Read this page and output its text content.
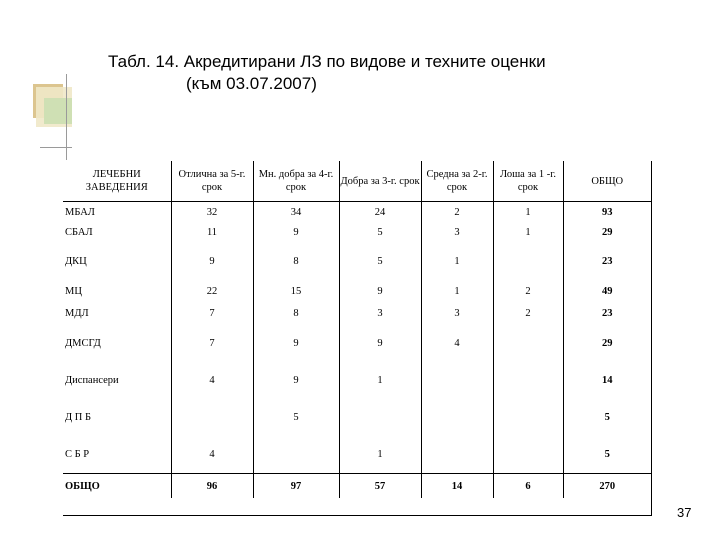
Табл. 14. Акредитирани ЛЗ по видове и техните оценки
(към 03.07.2007)
ЛЕЧЕБНИ ЗАВЕДЕНИЯ	Отлична за 5-г. срок	Мн. добра за 4-г. срок	Добра за 3-г. срок	Средна за 2-г. срок	Лоша за 1 -г. срок	ОБЩО
МБАЛ	32	34	24	2	1	93
СБАЛ	11	9	5	3	1	29
ДКЦ	9	8	5	1		23
МЦ	22	15	9	1	2	49
МДЛ	7	8	3	3	2	23
ДМСГД	7	9	9	4		29
Диспансери	4	9	1			14
Д П Б		5				5
С Б Р	4		1			5
ОБЩО	96	97	57	14	6	270
37
